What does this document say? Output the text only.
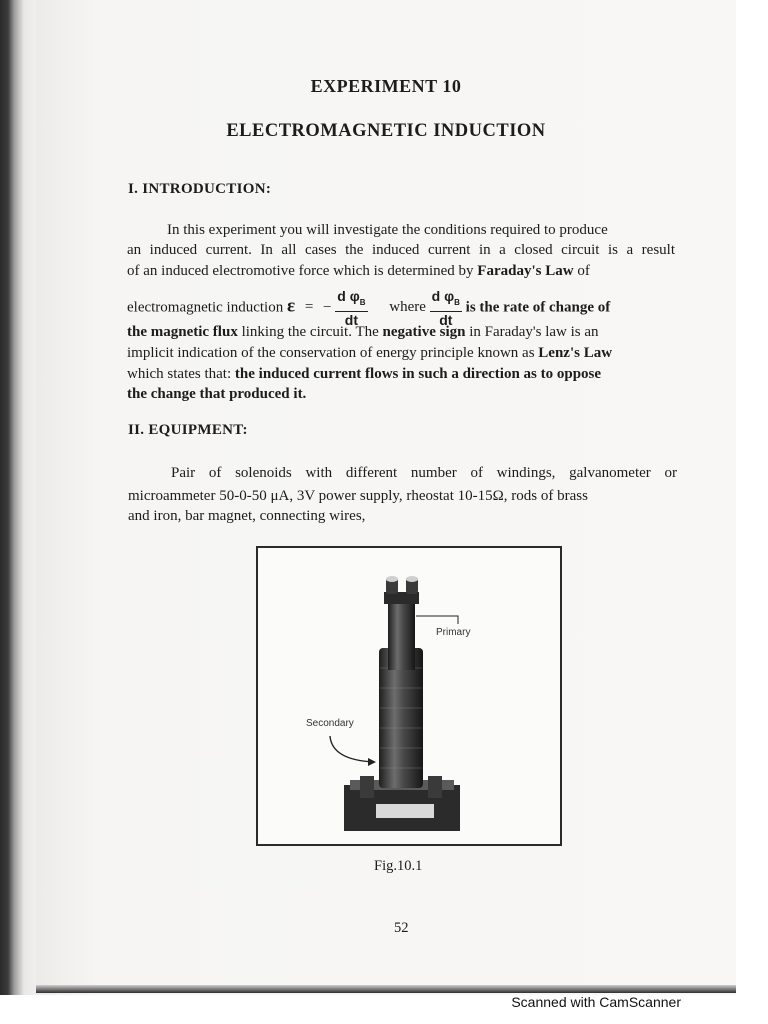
EXPERIMENT 10
ELECTROMAGNETIC INDUCTION
I. INTRODUCTION:
In this experiment you will investigate the conditions required to produce
an induced current. In all cases the induced current in a closed circuit is a result
of an induced electromotive force which is determined by Faraday's Law of
electromagnetic induction ε = − $\frac{d \varphi_B}{dt}$ where $\frac{d \varphi_B}{dt}$ is the rate of change of
the magnetic flux linking the circuit. The negative sign in Faraday's law is an
implicit indication of the conservation of energy principle known as Lenz's Law
which states that: the induced current flows in such a direction as to oppose
the change that produced it.
II. EQUIPMENT:
Pair of solenoids with different number of windings, galvanometer or
microammeter 50-0-50 μA, 3V power supply, rheostat 10-15Ω, rods of brass
and iron, bar magnet, connecting wires,
Primary
Secondary
Fig.10.1
52
Scanned with CamScanner
